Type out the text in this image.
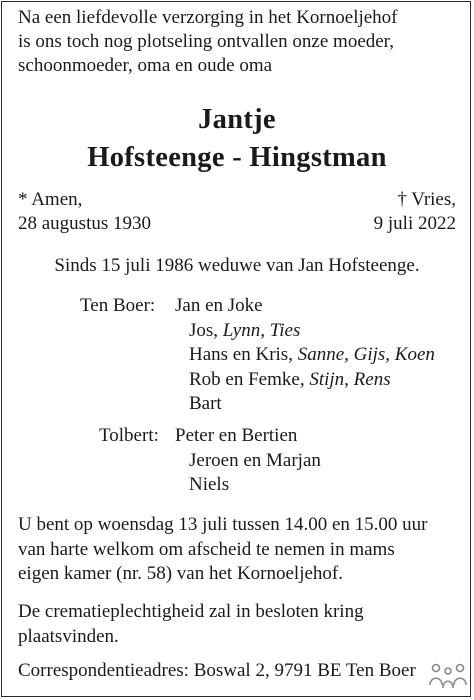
Na een liefdevolle verzorging in het Kornoeljehof
is ons toch nog plotseling ontvallen onze moeder,
schoonmoeder, oma en oude oma
Jantje
Hofsteenge - Hingstman
* Amen,	† Vries,
28 augustus 1930	9 juli 2022
Sinds 15 juli 1986 weduwe van Jan Hofsteenge.
Ten Boer: Jan en Joke
Jos, Lynn, Ties
Hans en Kris, Sanne, Gijs, Koen
Rob en Femke, Stijn, Rens
Bart
Tolbert: Peter en Bertien
Jeroen en Marjan
Niels
U bent op woensdag 13 juli tussen 14.00 en 15.00 uur
van harte welkom om afscheid te nemen in mams
eigen kamer (nr. 58) van het Kornoeljehof.
De crematieplechtigheid zal in besloten kring
plaatsvinden.
Correspondentieadres: Boswal 2, 9791 BE Ten Boer
